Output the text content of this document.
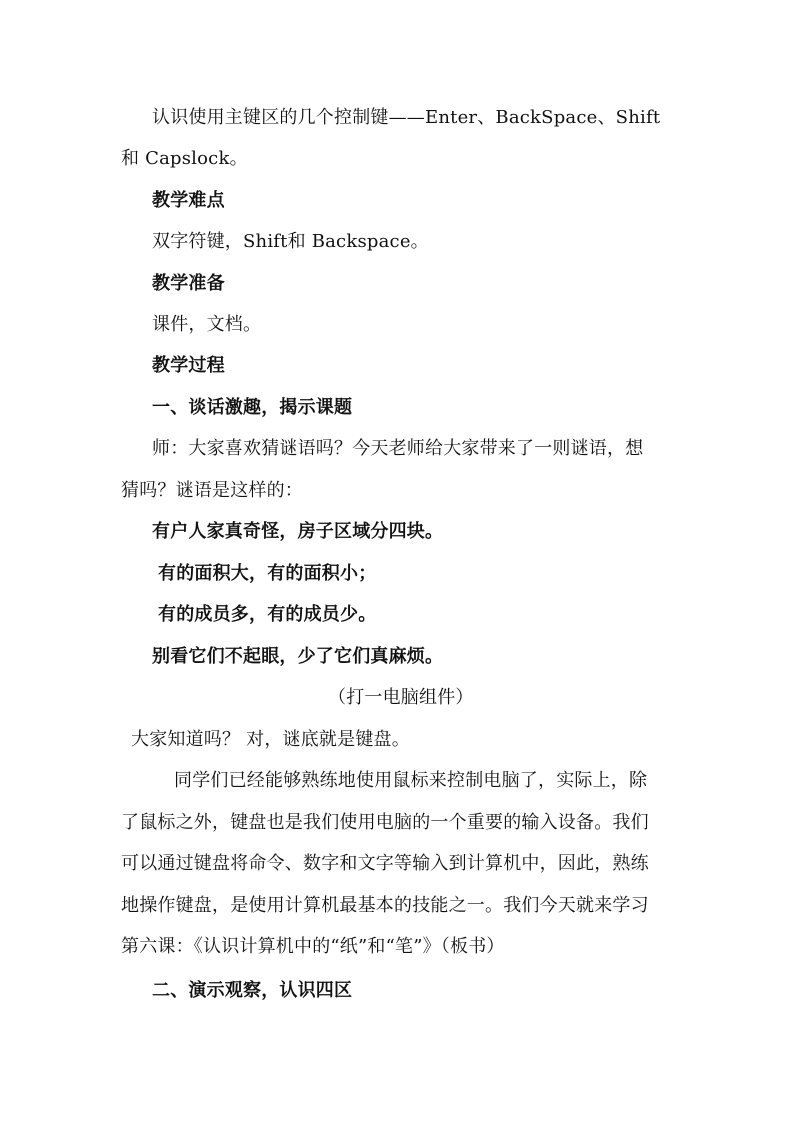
认识使用主键区的几个控制键——Enter、BackSpace、Shift
和 Capslock。
教学难点
双字符键，Shift和 Backspace。
教学准备
课件，文档。
教学过程
一、谈话激趣，揭示课题
师：大家喜欢猜谜语吗？今天老师给大家带来了一则谜语，想
猜吗？谜语是这样的：
有户人家真奇怪，房子区域分四块。
有的面积大，有的面积小；
有的成员多，有的成员少。
别看它们不起眼，少了它们真麻烦。
（打一电脑组件）
大家知道吗？ 对，谜底就是键盘。
同学们已经能够熟练地使用鼠标来控制电脑了，实际上，除
了鼠标之外，键盘也是我们使用电脑的一个重要的输入设备。我们
可以通过键盘将命令、数字和文字等输入到计算机中，因此，熟练
地操作键盘，是使用计算机最基本的技能之一。我们今天就来学习
第六课：《认识计算机中的“纸”和“笔”》（板书）
二、演示观察，认识四区
